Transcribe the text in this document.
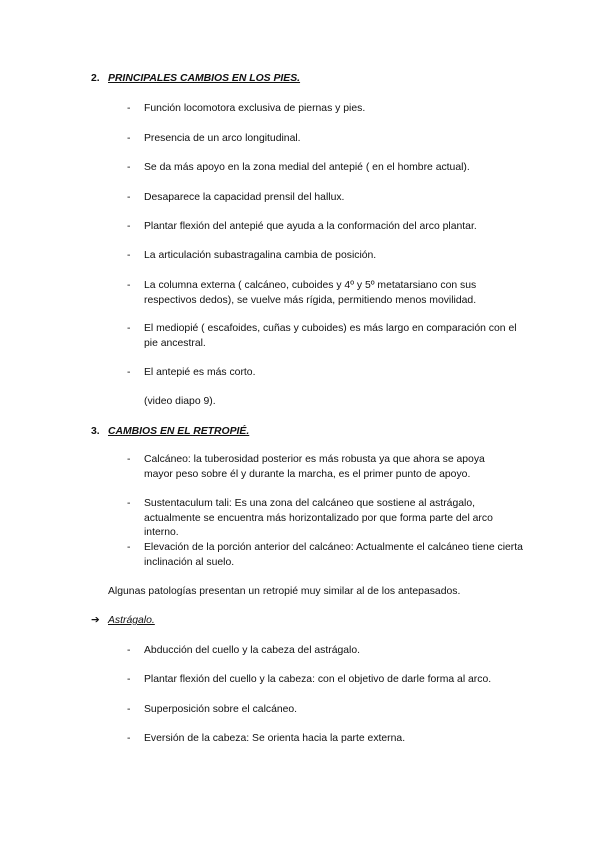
2. PRINCIPALES CAMBIOS EN LOS PIES.
-	Función locomotora exclusiva de piernas y pies.
-	Presencia de un arco longitudinal.
-	Se da más apoyo en la zona medial del antepié ( en el hombre actual).
-	Desaparece la capacidad prensil del hallux.
-	Plantar flexión del antepié que ayuda a la conformación del arco plantar.
-	La articulación subastragalina cambia de posición.
-	La columna externa ( calcáneo, cuboides y 4º y 5º metatarsiano con sus respectivos dedos), se vuelve más rígida, permitiendo menos movilidad.
-	El mediopié ( escafoides, cuñas y cuboides) es más largo en comparación con el pie ancestral.
-	El antepié es más corto.
(video diapo 9).
3. CAMBIOS EN EL RETROPIÉ.
-	Calcáneo: la tuberosidad posterior es más robusta ya que ahora se apoya mayor peso sobre él y durante la marcha, es el primer punto de apoyo.
-	Sustentaculum tali: Es una zona del calcáneo que sostiene al astrágalo, actualmente se encuentra más horizontalizado por que forma parte del arco interno.
-	Elevación de la porción anterior del calcáneo: Actualmente el calcáneo tiene cierta inclinación al suelo.
Algunas patologías presentan un retropié muy similar al de los antepasados.
➔ Astrágalo.
-	Abducción del cuello y la cabeza del astrágalo.
-	Plantar flexión del cuello y la cabeza: con el objetivo de darle forma al arco.
-	Superposición sobre el calcáneo.
-	Eversión de la cabeza: Se orienta hacia la parte externa.
